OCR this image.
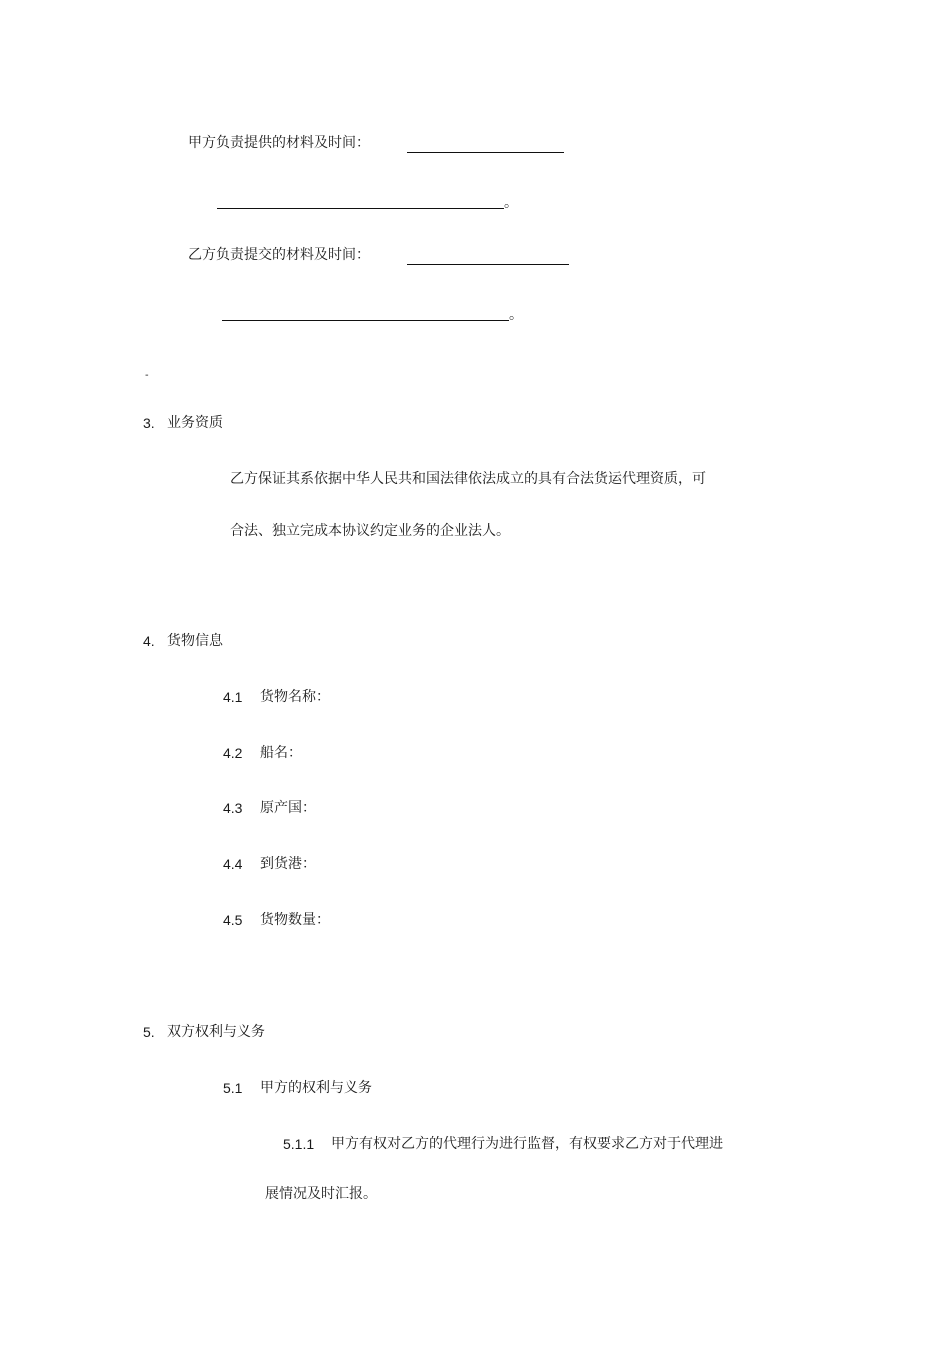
甲方负责提供的材料及时间：
。
乙方负责提交的材料及时间：
。
-
3. 业务资质
乙方保证其系依据中华人民共和国法律依法成立的具有合法货运代理资质，可
合法、独立完成本协议约定业务的企业法人。
4. 货物信息
4.1 货物名称：
4.2 船名：
4.3 原产国：
4.4 到货港：
4.5 货物数量：
5. 双方权利与义务
5.1 甲方的权利与义务
5.1.1 甲方有权对乙方的代理行为进行监督，有权要求乙方对于代理进
展情况及时汇报。
